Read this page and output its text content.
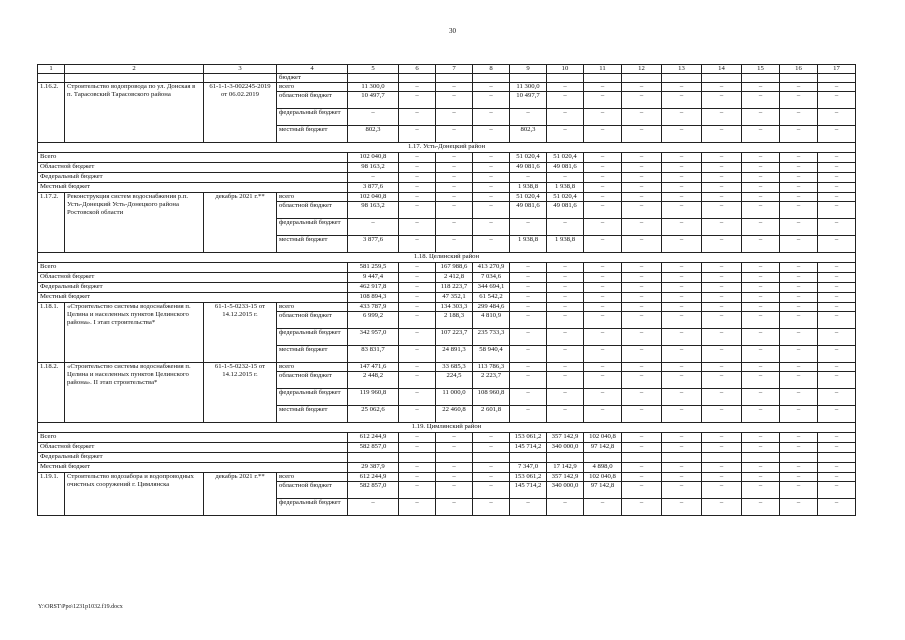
30
1	2	3	4	5	6	7	8	9	10	11	12	13	14	15	16	17
			бюджет													
1.16.2.	Строительство водопровода по ул. Донская в п. Тарасовский Тарасовского района	61-1-1-3-002245-2019 от 06.02.2019	всего	11 300,0	–	–	–	11 300,0	–	–	–	–	–	–	–	–
			областной бюджет	10 497,7	–	–	–	10 497,7	–	–	–	–	–	–	–	–
			федеральный бюджет	–	–	–	–	–	–	–	–	–	–	–	–	–
			местный бюджет	802,3	–	–	–	802,3	–	–	–	–	–	–	–	–
1.17. Усть-Донецкий район																
Всего				102 040,8	–	–	–	51 020,4	51 020,4	–	–	–	–	–	–	–
Областной бюджет				98 163,2	–	–	–	49 081,6	49 081,6	–	–	–	–	–	–	–
Федеральный бюджет				–	–	–	–	–	–	–	–	–	–	–	–	–
Местный бюджет				3 877,6	–	–	–	1 938,8	1 938,8	–	–	–	–	–	–	–
1.17.2.	Реконструкция систем водоснабжения р.п. Усть-Донецкий Усть-Донецкого района Ростовской области	декабрь 2021 г.**	всего	102 040,8	–	–	–	51 020,4	51 020,4	–	–	–	–	–	–	–
			областной бюджет	98 163,2	–	–	–	49 081,6	49 081,6	–	–	–	–	–	–	–
			федеральный бюджет	–	–	–	–	–	–	–	–	–	–	–	–	–
			местный бюджет	3 877,6	–	–	–	1 938,8	1 938,8	–	–	–	–	–	–	–
1.18. Целинский район																
Всего				581 259,5	–	167 988,6	413 270,9	–	–	–	–	–	–	–	–	–
Областной бюджет				9 447,4	–	2 412,8	7 034,6	–	–	–	–	–	–	–	–	–
Федеральный бюджет				462 917,8	–	118 223,7	344 694,1	–	–	–	–	–	–	–	–	–
Местный бюджет				108 894,3	–	47 352,1	61 542,2	–	–	–	–	–	–	–	–	–
1.18.1.	«Строительство системы водоснабжения п. Целина и населенных пунктов Целинского района». I этап строительства*	61-1-5-0233-15 от 14.12.2015 г.	всего	433 787,9	–	134 303,3	299 484,6	–	–	–	–	–	–	–	–	–
			областной бюджет	6 999,2	–	2 188,3	4 810,9	–	–	–	–	–	–	–	–	–
			федеральный бюджет	342 957,0	–	107 223,7	235 733,3	–	–	–	–	–	–	–	–	–
			местный бюджет	83 831,7	–	24 891,3	58 940,4	–	–	–	–	–	–	–	–	–
1.18.2.	«Строительство системы водоснабжения п. Целина и населенных пунктов Целинского района». II этап строительства*	61-1-5-0232-15 от 14.12.2015 г.	всего	147 471,6	–	33 685,3	113 786,3	–	–	–	–	–	–	–	–	–
			областной бюджет	2 448,2	–	224,5	2 223,7	–	–	–	–	–	–	–	–	–
			федеральный бюджет	119 960,8	–	11 000,0	108 960,8	–	–	–	–	–	–	–	–	–
			местный бюджет	25 062,6	–	22 460,8	2 601,8	–	–	–	–	–	–	–	–	–
1.19. Цимлянский район																
Всего				612 244,9	–	–	–	153 061,2	357 142,9	102 040,8	–	–	–	–	–	–
Областной бюджет				582 857,0	–	–	–	145 714,2	340 000,0	97 142,8	–	–	–	–	–	–
Федеральный бюджет																
Местный бюджет				29 387,9	–	–	–	7 347,0	17 142,9	4 898,0	–	–	–	–	–	–
1.19.1.	Строительство водозабора и водопроводных очистных сооружений г. Цимлянска	декабрь 2021 г.**	всего	612 244,9	–	–	–	153 061,2	357 142,9	102 040,8	–	–	–	–	–	–
			областной бюджет	582 857,0	–	–	–	145 714,2	340 000,0	97 142,8	–	–	–	–	–	–
			федеральный бюджет	–	–	–	–	–	–	–	–	–	–	–	–	–
Y:\ORST\Ppo\1231p1032.f19.docx
